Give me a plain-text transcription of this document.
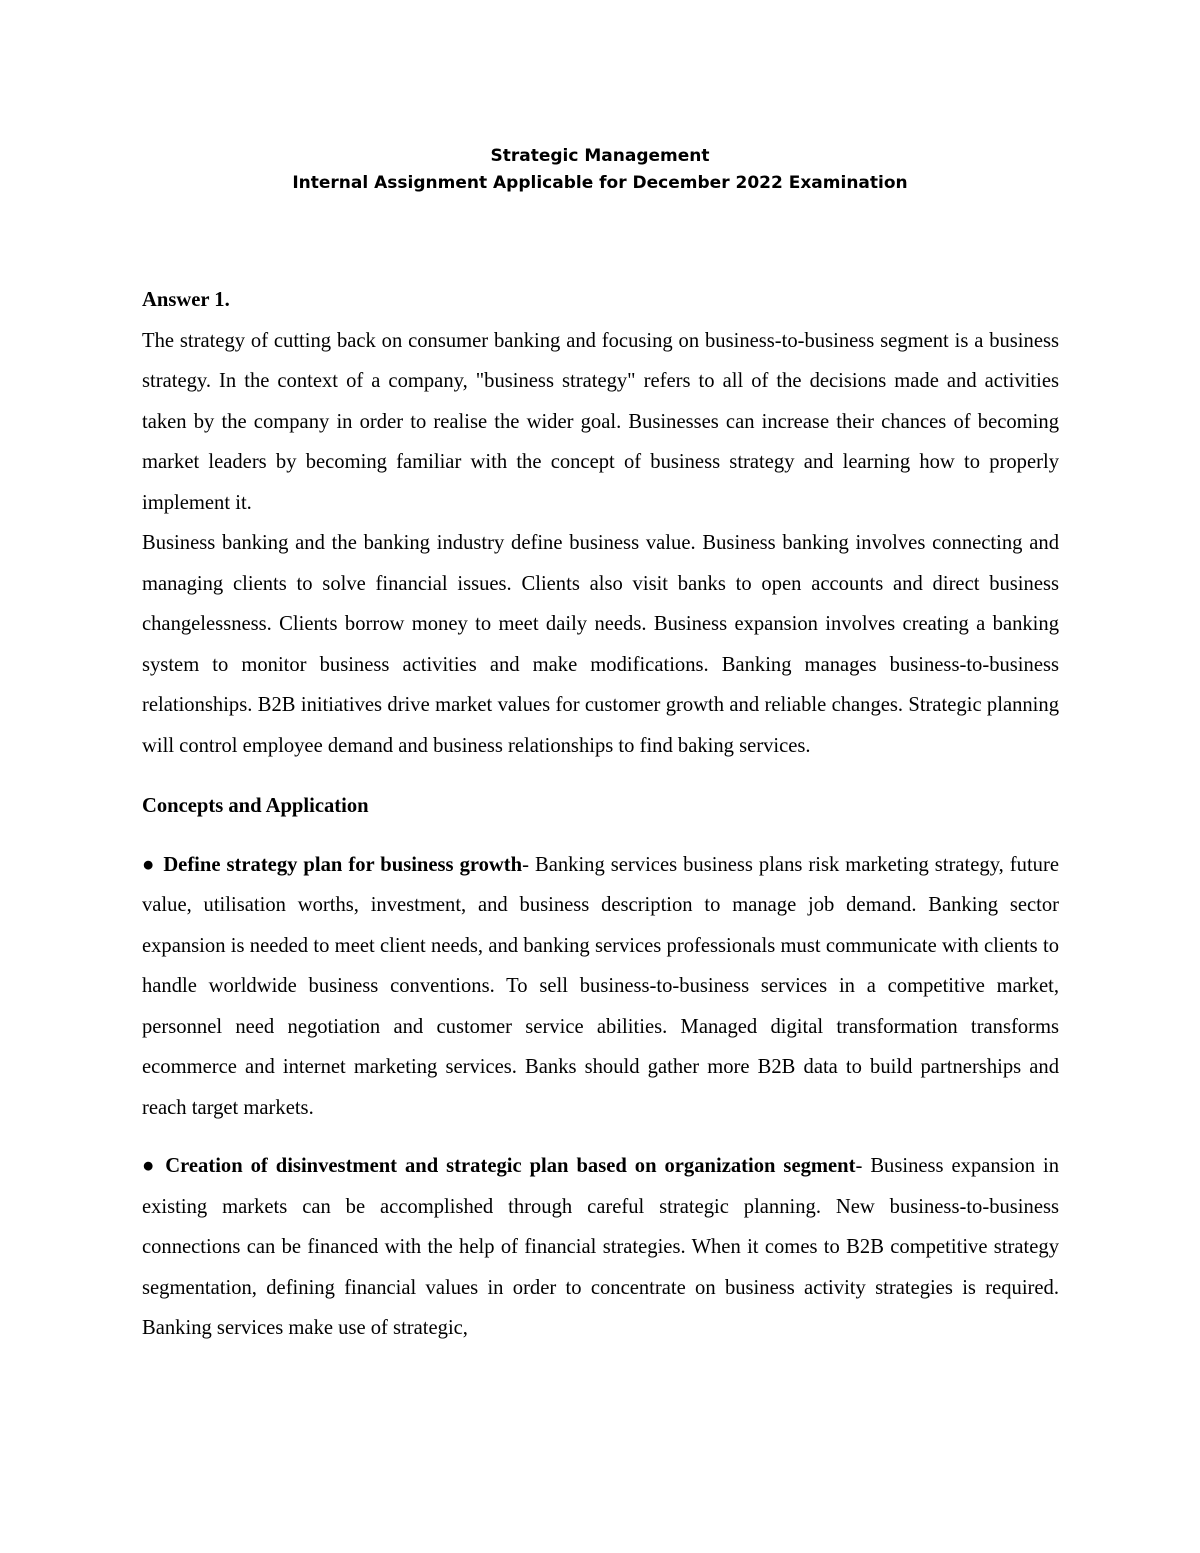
Strategic Management
Internal Assignment Applicable for December 2022 Examination

Answer 1.

The strategy of cutting back on consumer banking and focusing on business-to-business segment is a business strategy. In the context of a company, "business strategy" refers to all of the decisions made and activities taken by the company in order to realise the wider goal. Businesses can increase their chances of becoming market leaders by becoming familiar with the concept of business strategy and learning how to properly implement it.

Business banking and the banking industry define business value. Business banking involves connecting and managing clients to solve financial issues. Clients also visit banks to open accounts and direct business changelessness. Clients borrow money to meet daily needs. Business expansion involves creating a banking system to monitor business activities and make modifications. Banking manages business-to-business relationships. B2B initiatives drive market values for customer growth and reliable changes. Strategic planning will control employee demand and business relationships to find baking services.

Concepts and Application

● Define strategy plan for business growth- Banking services business plans risk marketing strategy, future value, utilisation worths, investment, and business description to manage job demand. Banking sector expansion is needed to meet client needs, and banking services professionals must communicate with clients to handle worldwide business conventions. To sell business-to-business services in a competitive market, personnel need negotiation and customer service abilities. Managed digital transformation transforms ecommerce and internet marketing services. Banks should gather more B2B data to build partnerships and reach target markets.

● Creation of disinvestment and strategic plan based on organization segment- Business expansion in existing markets can be accomplished through careful strategic planning. New business-to-business connections can be financed with the help of financial strategies. When it comes to B2B competitive strategy segmentation, defining financial values in order to concentrate on business activity strategies is required. Banking services make use of strategic,
